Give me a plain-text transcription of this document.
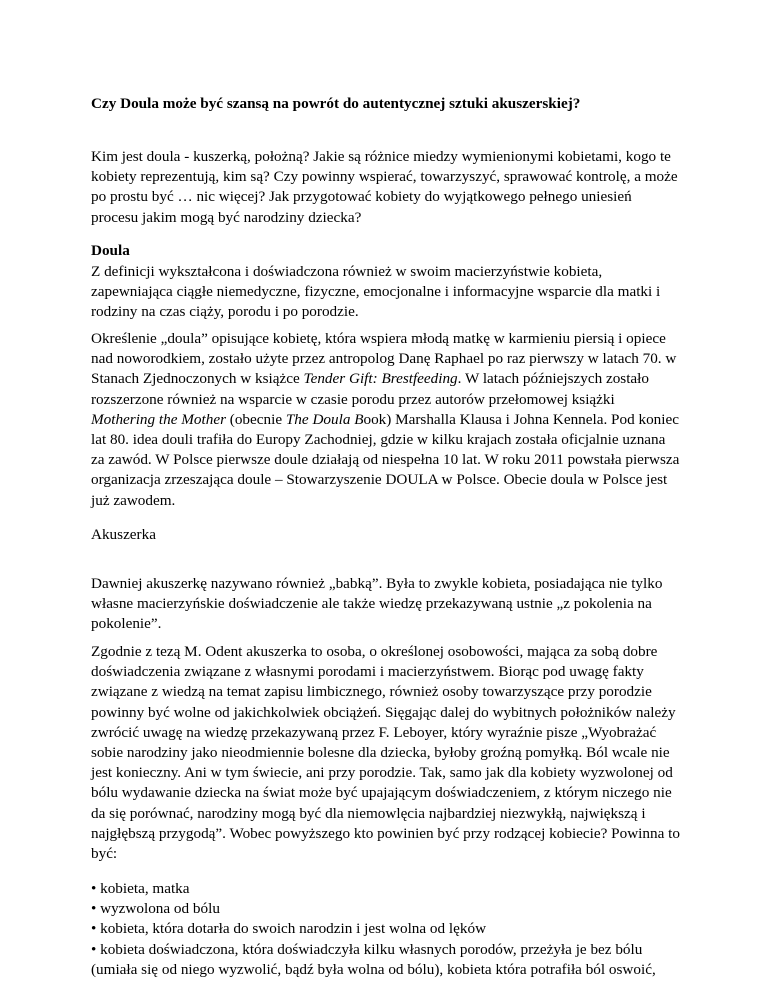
Czy Doula może być szansą na powrót do autentycznej sztuki akuszerskiej?

Kim jest doula - kuszerką, położną? Jakie są różnice miedzy wymienionymi kobietami, kogo te kobiety reprezentują, kim są? Czy powinny wspierać, towarzyszyć, sprawować kontrolę, a może po prostu być … nic więcej? Jak przygotować kobiety do wyjątkowego pełnego uniesień procesu jakim mogą być narodziny dziecka?

Doula

Z definicji wykształcona i doświadczona również w swoim macierzyństwie kobieta, zapewniająca ciągłe niemedyczne, fizyczne, emocjonalne i informacyjne wsparcie dla matki i rodziny na czas ciąży, porodu i po porodzie.

Określenie „doula” opisujące kobietę, która wspiera młodą matkę w karmieniu piersią i opiece nad noworodkiem, zostało użyte przez antropolog Danę Raphael po raz pierwszy w latach 70. w Stanach Zjednoczonych w książce Tender Gift: Brestfeeding. W latach późniejszych zostało rozszerzone również na wsparcie w czasie porodu przez autorów przełomowej książki Mothering the Mother (obecnie The Doula Book) Marshalla Klausa i Johna Kennela. Pod koniec lat 80. idea douli trafiła do Europy Zachodniej, gdzie w kilku krajach została oficjalnie uznana za zawód. W Polsce pierwsze doule działają od niespełna 10 lat. W roku 2011 powstała pierwsza organizacja zrzeszająca doule – Stowarzyszenie DOULA w Polsce. Obecie doula w Polsce jest już zawodem.

Akuszerka

Dawniej akuszerkę nazywano również „babką”. Była to zwykle kobieta, posiadająca nie tylko własne macierzyńskie doświadczenie ale także wiedzę przekazywaną ustnie „z pokolenia na pokolenie”.

Zgodnie z tezą M. Odent akuszerka to osoba, o określonej osobowości, mająca za sobą dobre doświadczenia związane z własnymi porodami i macierzyństwem. Biorąc pod uwagę fakty związane z wiedzą na temat zapisu limbicznego, również osoby towarzyszące przy porodzie powinny być wolne od jakichkolwiek obciążeń. Sięgając dalej do wybitnych położników należy zwrócić uwagę na wiedzę przekazywaną przez F. Leboyer, który wyraźnie pisze „Wyobrażać sobie narodziny jako nieodmiennie bolesne dla dziecka, byłoby groźną pomyłką. Ból wcale nie jest konieczny. Ani w tym świecie, ani przy porodzie. Tak, samo jak dla kobiety wyzwolonej od bólu wydawanie dziecka na świat może być upajającym doświadczeniem, z którym niczego nie da się porównać, narodziny mogą być dla niemowlęcia najbardziej niezwykłą, największą i najgłębszą przygodą”. Wobec powyższego kto powinien być przy rodzącej kobiecie? Powinna to być:

• kobieta, matka
• wyzwolona od bólu
• kobieta, która dotarła do swoich narodzin i jest wolna od lęków
• kobieta doświadczona, która doświadczyła kilku własnych porodów, przeżyła je bez bólu (umiała się od niego wyzwolić, bądź była wolna od bólu), kobieta która potrafiła ból oswoić,
